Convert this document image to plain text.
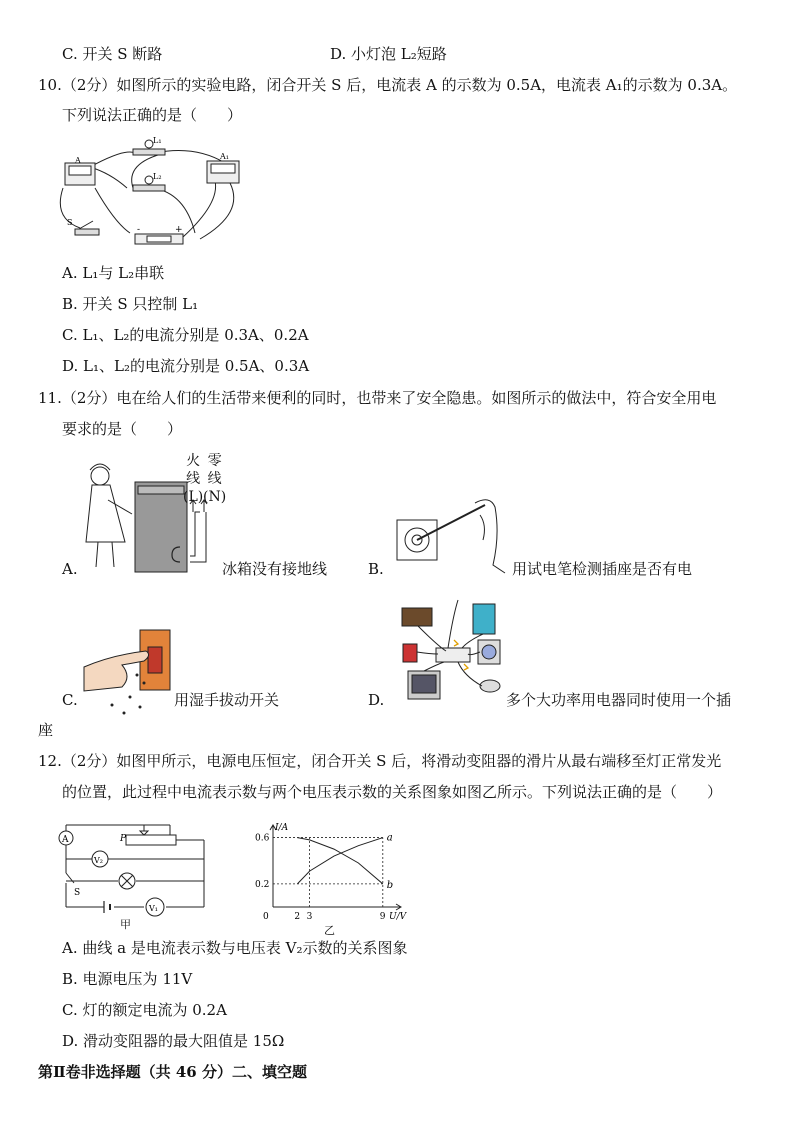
C. 开关 S 断路	D. 小灯泡 L₂短路
10.（2分）如图所示的实验电路，闭合开关 S 后，电流表 A 的示数为 0.5A，电流表 A₁的示数为 0.3A。
下列说法正确的是（　　）
A	A₁
L₁
L₂
S
-	+
A. L₁与 L₂串联
B. 开关 S 只控制 L₁
C. L₁、L₂的电流分别是 0.3A、0.2A
D. L₁、L₂的电流分别是 0.5A、0.3A
11.（2分）电在给人们的生活带来便利的同时，也带来了安全隐患。如图所示的做法中，符合安全用电
要求的是（　　）
火
线
(L)
零
线
(N)
A.	冰箱没有接地线	B.	用试电笔检测插座是否有电
C.	用湿手拔动开关	D.	多个大功率用电器同时使用一个插
座
12.（2分）如图甲所示，电源电压恒定，闭合开关 S 后，将滑动变阻器的滑片从最右端移至灯正常发光
的位置，此过程中电流表示数与两个电压表示数的关系图象如图乙所示。下列说法正确的是（　　）
A	P
V₂
V₁
S
甲
a
b
2 3	9
0.2
0.6
0
I/A
U/V
乙
A. 曲线 a 是电流表示数与电压表 V₂示数的关系图象
B. 电源电压为 11V
C. 灯的额定电流为 0.2A
D. 滑动变阻器的最大阻值是 15Ω
第Ⅱ卷非选择题（共 46 分）二、填空题
